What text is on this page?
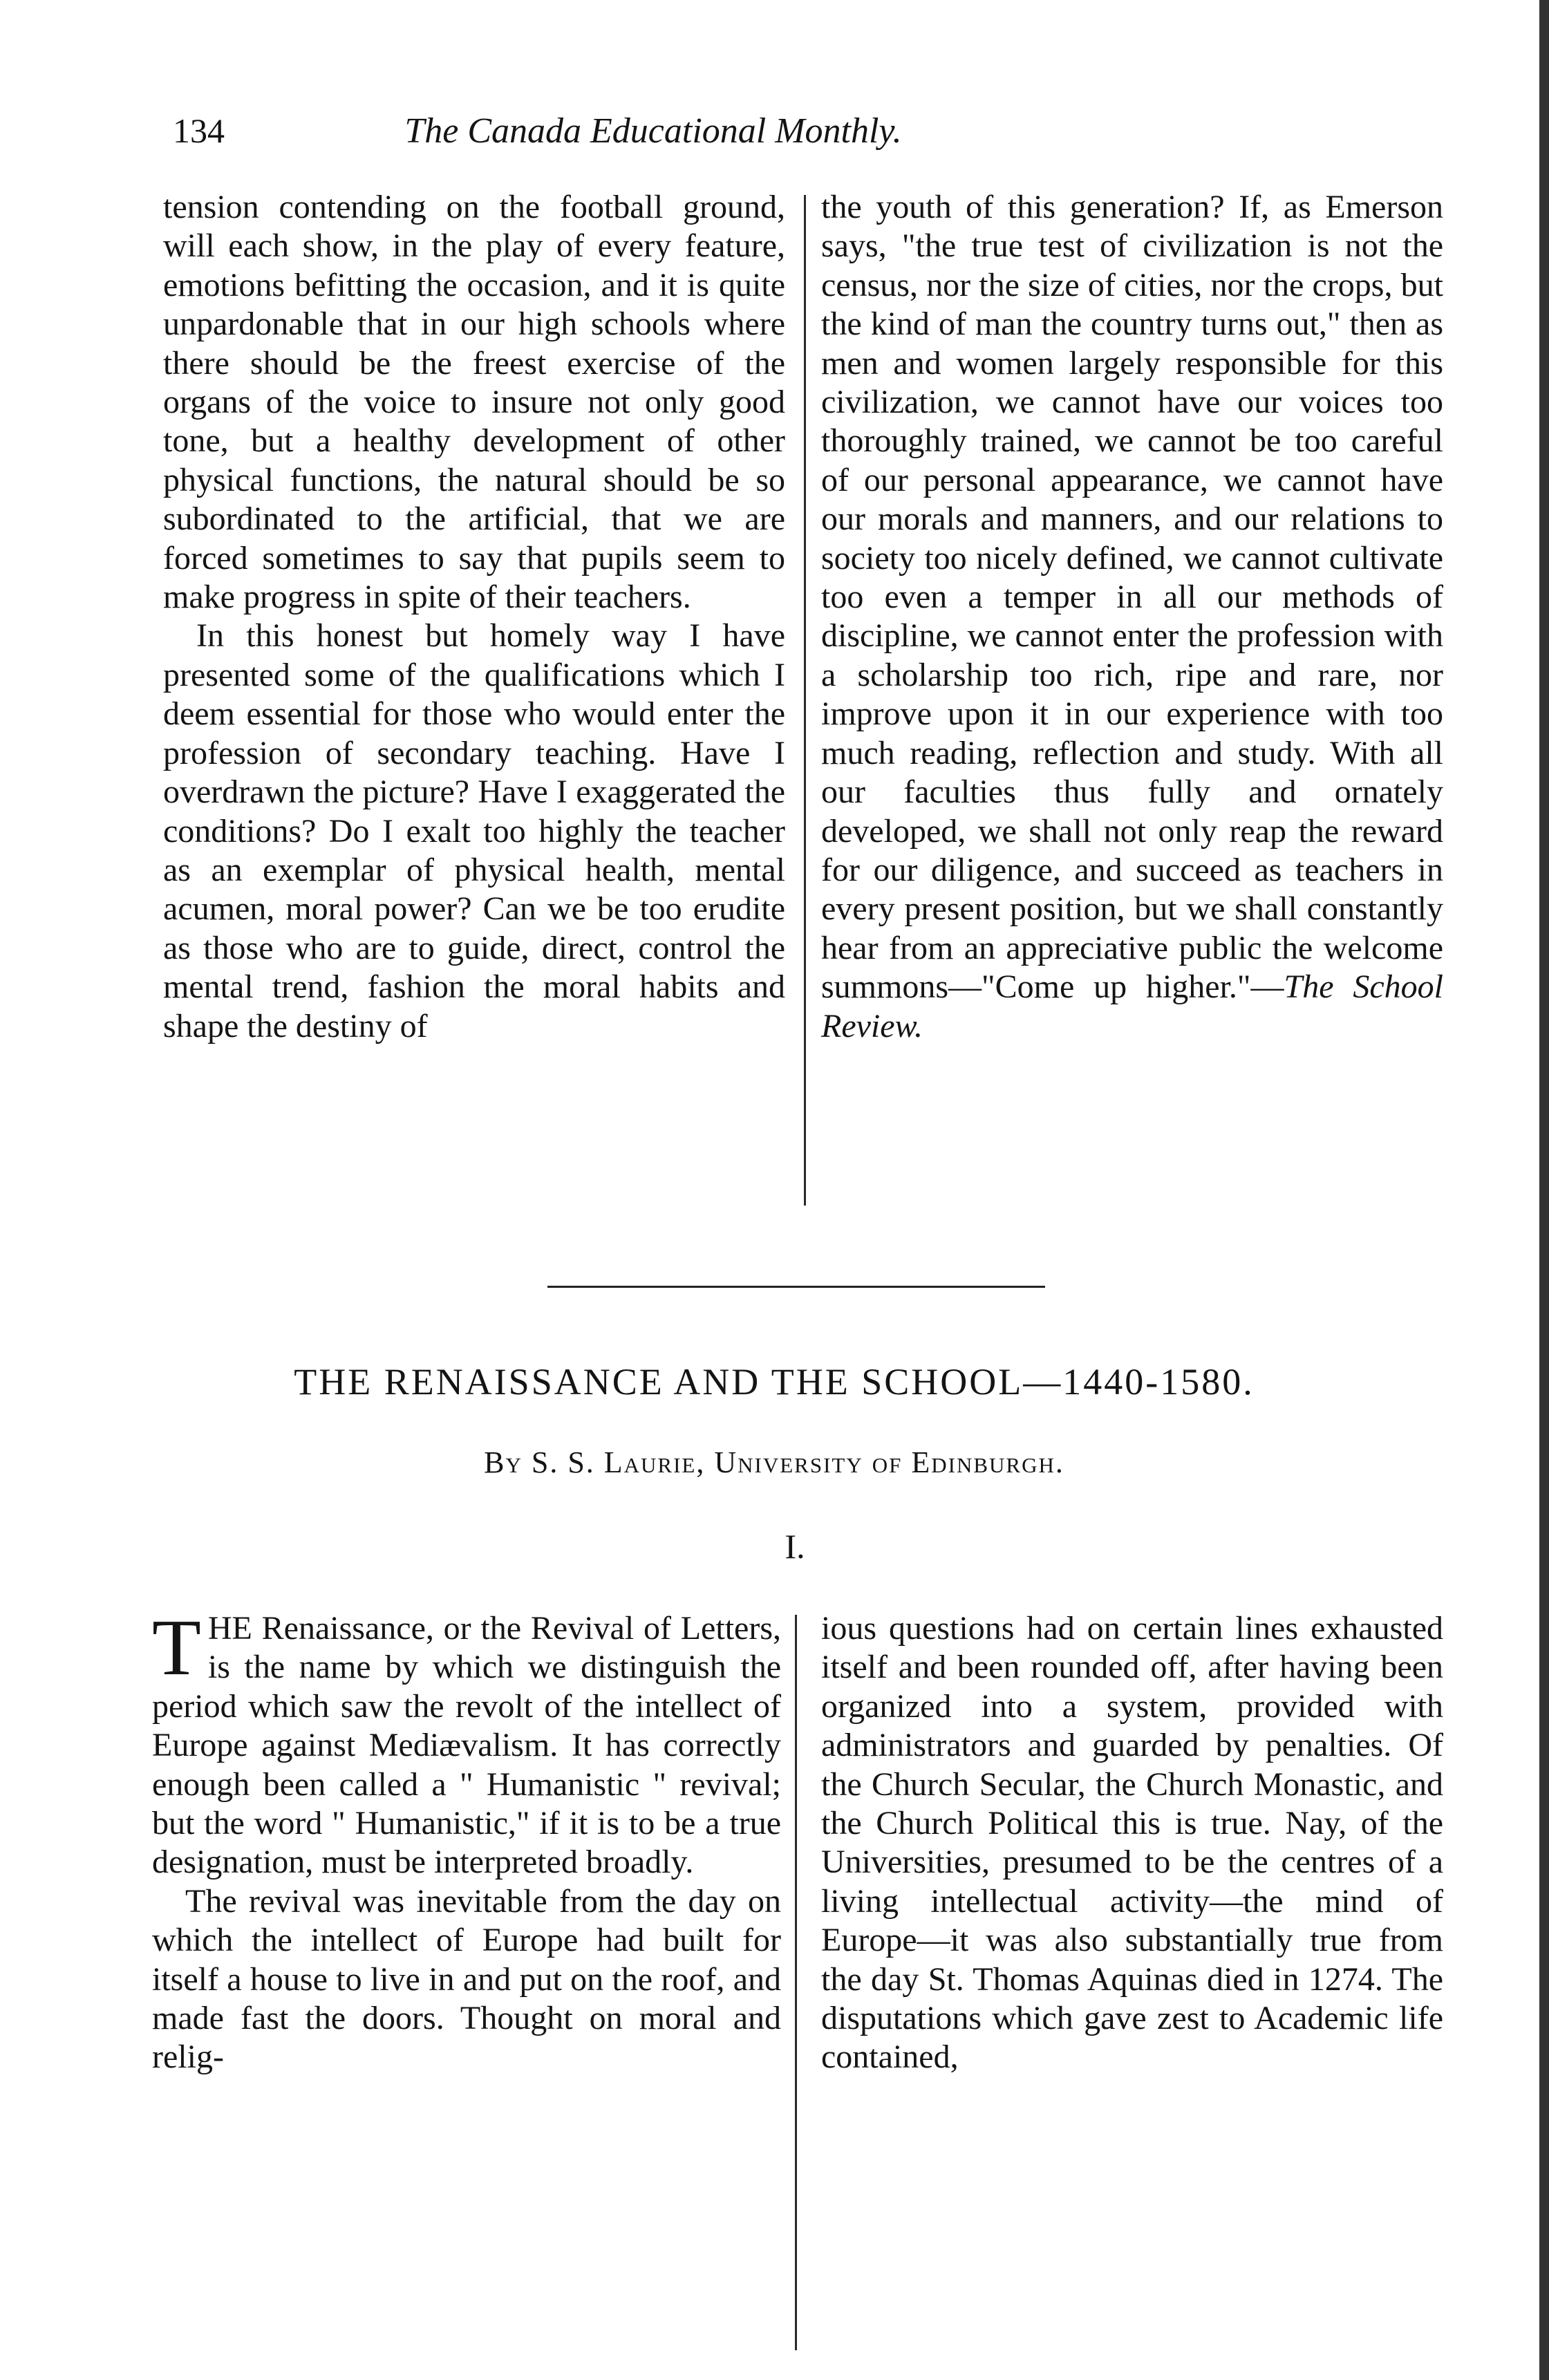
134	The Canada Educational Monthly.

tension contending on the football ground, will each show, in the play of every feature, emotions befitting the occasion, and it is quite unpardonable that in our high schools where there should be the freest exercise of the organs of the voice to insure not only good tone, but a healthy development of other physical functions, the natural should be so subordinated to the artificial, that we are forced sometimes to say that pupils seem to make progress in spite of their teachers.

In this honest but homely way I have presented some of the qualifications which I deem essential for those who would enter the profession of secondary teaching. Have I overdrawn the picture? Have I exaggerated the conditions? Do I exalt too highly the teacher as an exemplar of physical health, mental acumen, moral power? Can we be too erudite as those who are to guide, direct, control the mental trend, fashion the moral habits and shape the destiny of

the youth of this generation? If, as Emerson says, "the true test of civilization is not the census, nor the size of cities, nor the crops, but the kind of man the country turns out," then as men and women largely responsible for this civilization, we cannot have our voices too thoroughly trained, we cannot be too careful of our personal appearance, we cannot have our morals and manners, and our relations to society too nicely defined, we cannot cultivate too even a temper in all our methods of discipline, we cannot enter the profession with a scholarship too rich, ripe and rare, nor improve upon it in our experience with too much reading, reflection and study. With all our faculties thus fully and ornately developed, we shall not only reap the reward for our diligence, and succeed as teachers in every present position, but we shall constantly hear from an appreciative public the welcome summons—"Come up higher."—The School Review.

THE RENAISSANCE AND THE SCHOOL—1440-1580.
By S. S. Laurie, University of Edinburgh.
I.

THE Renaissance, or the Revival of Letters, is the name by which we distinguish the period which saw the revolt of the intellect of Europe against Mediævalism. It has correctly enough been called a " Humanistic " revival; but the word " Humanistic," if it is to be a true designation, must be interpreted broadly.

The revival was inevitable from the day on which the intellect of Europe had built for itself a house to live in and put on the roof, and made fast the doors. Thought on moral and relig-

ious questions had on certain lines exhausted itself and been rounded off, after having been organized into a system, provided with administrators and guarded by penalties. Of the Church Secular, the Church Monastic, and the Church Political this is true. Nay, of the Universities, presumed to be the centres of a living intellectual activity—the mind of Europe—it was also substantially true from the day St. Thomas Aquinas died in 1274. The disputations which gave zest to Academic life contained,
